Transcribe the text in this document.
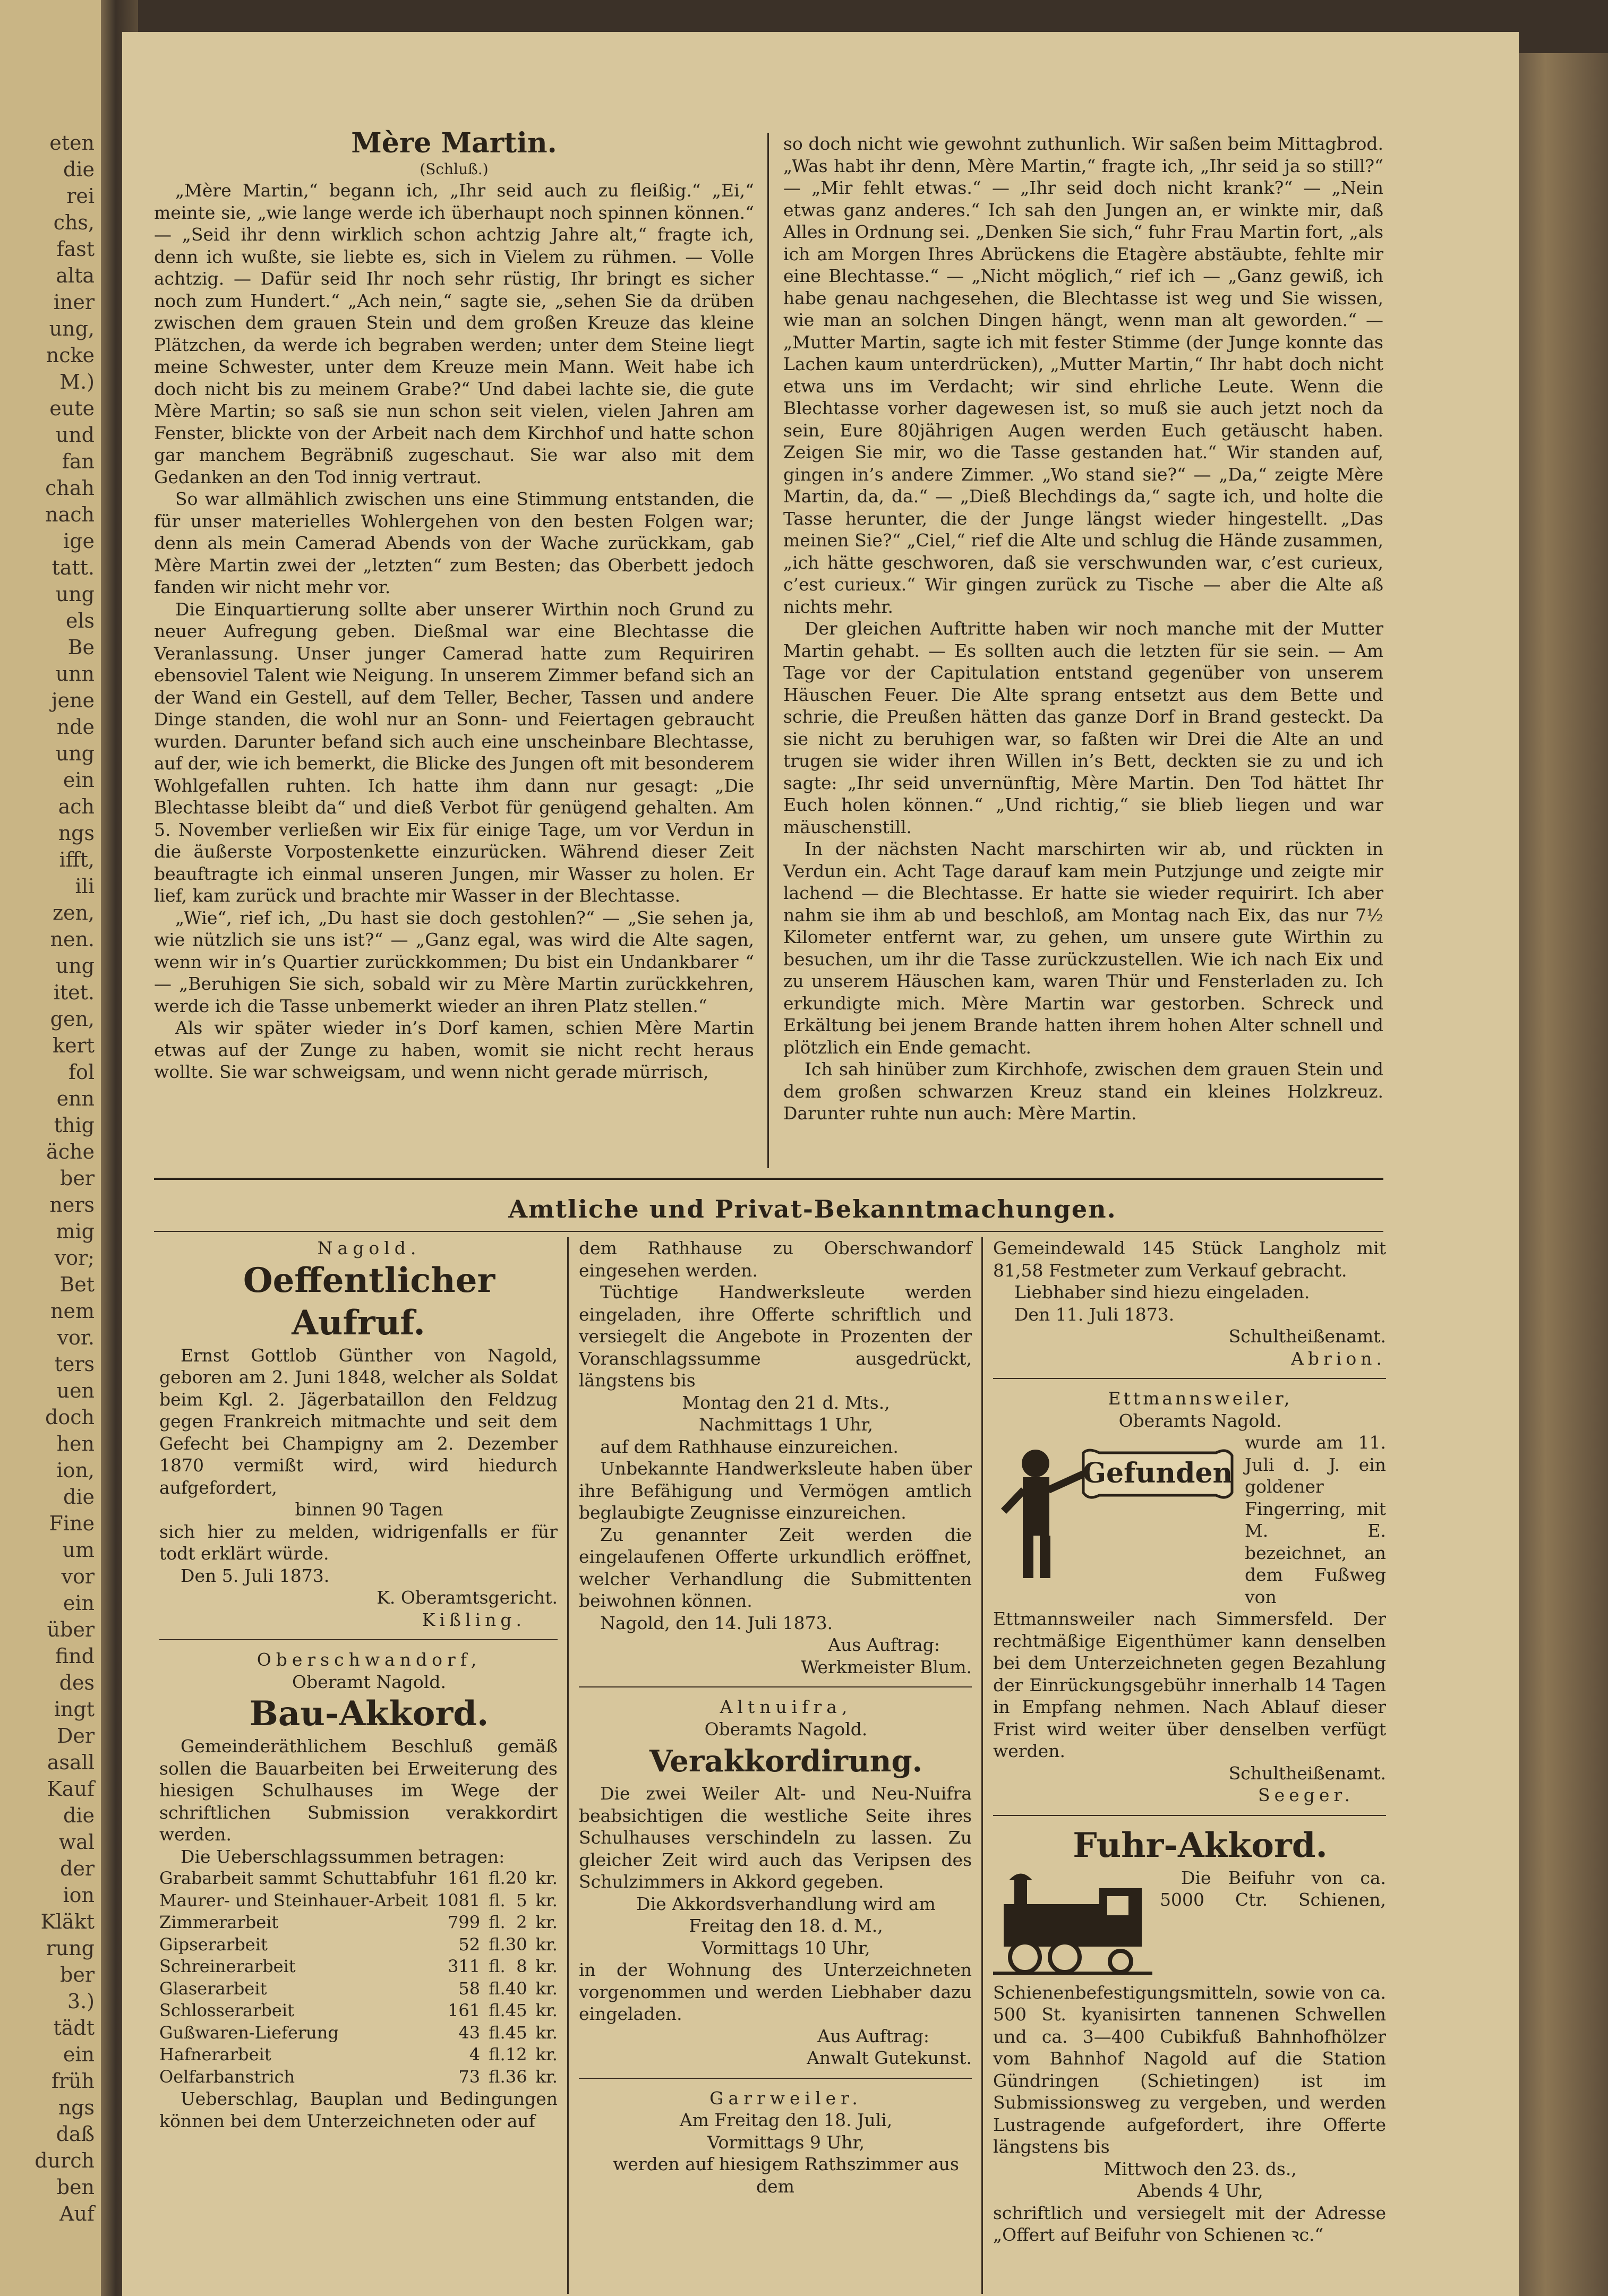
eten
die
rei
chs,
fast
alta
iner
ung,
ncke
M.)
eute
und
fan
chah
nach
ige
tatt.
ung
els
Be
unn
jene
nde
ung
ein
ach
ngs
ifft,
ili
zen,
nen.
ung
itet.
gen,
kert
fol
enn
thig
äche
ber
ners
mig
vor;
Bet
nem
vor.
ters
uen
doch
hen
ion,
die
Fine
um
vor
ein
über
find
des
ingt
Der
asall
Kauf
die
wal
der
ion
Kläkt
rung
ber
3.)
tädt
ein
früh
ngs
daß
durch
ben
Auf

Mère Martin.

(Schluß.)

„Mère Martin,“ begann ich, „Ihr seid auch zu fleißig.“ „Ei,“ meinte sie, „wie lange werde ich überhaupt noch spinnen können.“ — „Seid ihr denn wirklich schon achtzig Jahre alt,“ fragte ich, denn ich wußte, sie liebte es, sich in Vielem zu rühmen. — Volle achtzig. — Dafür seid Ihr noch sehr rüstig, Ihr bringt es sicher noch zum Hundert.“ „Ach nein,“ sagte sie, „sehen Sie da drüben zwischen dem grauen Stein und dem großen Kreuze das kleine Plätzchen, da werde ich begraben werden; unter dem Steine liegt meine Schwester, unter dem Kreuze mein Mann. Weit habe ich doch nicht bis zu meinem Grabe?“ Und dabei lachte sie, die gute Mère Martin; so saß sie nun schon seit vielen, vielen Jahren am Fenster, blickte von der Arbeit nach dem Kirchhof und hatte schon gar manchem Begräbniß zugeschaut. Sie war also mit dem Gedanken an den Tod innig vertraut.

So war allmählich zwischen uns eine Stimmung entstanden, die für unser materielles Wohlergehen von den besten Folgen war; denn als mein Camerad Abends von der Wache zurückkam, gab Mère Martin zwei der „letzten“ zum Besten; das Oberbett jedoch fanden wir nicht mehr vor.

Die Einquartierung sollte aber unserer Wirthin noch Grund zu neuer Aufregung geben. Dießmal war eine Blechtasse die Veranlassung. Unser junger Camerad hatte zum Requiriren ebensoviel Talent wie Neigung. In unserem Zimmer befand sich an der Wand ein Gestell, auf dem Teller, Becher, Tassen und andere Dinge standen, die wohl nur an Sonn- und Feiertagen gebraucht wurden. Darunter befand sich auch eine unscheinbare Blechtasse, auf der, wie ich bemerkt, die Blicke des Jungen oft mit besonderem Wohlgefallen ruhten. Ich hatte ihm dann nur gesagt: „Die Blechtasse bleibt da“ und dieß Verbot für genügend gehalten. Am 5. November verließen wir Eix für einige Tage, um vor Verdun in die äußerste Vorpostenkette einzurücken. Während dieser Zeit beauftragte ich einmal unseren Jungen, mir Wasser zu holen. Er lief, kam zurück und brachte mir Wasser in der Blechtasse.

„Wie“, rief ich, „Du hast sie doch gestohlen?“ — „Sie sehen ja, wie nützlich sie uns ist?“ — „Ganz egal, was wird die Alte sagen, wenn wir in’s Quartier zurückkommen; Du bist ein Undankbarer “ — „Beruhigen Sie sich, sobald wir zu Mère Martin zurückkehren, werde ich die Tasse unbemerkt wieder an ihren Platz stellen.“

Als wir später wieder in’s Dorf kamen, schien Mère Martin etwas auf der Zunge zu haben, womit sie nicht recht heraus wollte. Sie war schweigsam, und wenn nicht gerade mürrisch,

so doch nicht wie gewohnt zuthunlich. Wir saßen beim Mittagbrod. „Was habt ihr denn, Mère Martin,“ fragte ich, „Ihr seid ja so still?“ — „Mir fehlt etwas.“ — „Ihr seid doch nicht krank?“ — „Nein etwas ganz anderes.“ Ich sah den Jungen an, er winkte mir, daß Alles in Ordnung sei. „Denken Sie sich,“ fuhr Frau Martin fort, „als ich am Morgen Ihres Abrückens die Etagère abstäubte, fehlte mir eine Blechtasse.“ — „Nicht möglich,“ rief ich — „Ganz gewiß, ich habe genau nachgesehen, die Blechtasse ist weg und Sie wissen, wie man an solchen Dingen hängt, wenn man alt geworden.“ — „Mutter Martin, sagte ich mit fester Stimme (der Junge konnte das Lachen kaum unterdrücken), „Mutter Martin,“ Ihr habt doch nicht etwa uns im Verdacht; wir sind ehrliche Leute. Wenn die Blechtasse vorher dagewesen ist, so muß sie auch jetzt noch da sein, Eure 80jährigen Augen werden Euch getäuscht haben. Zeigen Sie mir, wo die Tasse gestanden hat.“ Wir standen auf, gingen in’s andere Zimmer. „Wo stand sie?“ — „Da,“ zeigte Mère Martin, da, da.“ — „Dieß Blechdings da,“ sagte ich, und holte die Tasse herunter, die der Junge längst wieder hingestellt. „Das meinen Sie?“ „Ciel,“ rief die Alte und schlug die Hände zusammen, „ich hätte geschworen, daß sie verschwunden war, c’est curieux, c’est curieux.“ Wir gingen zurück zu Tische — aber die Alte aß nichts mehr.

Der gleichen Auftritte haben wir noch manche mit der Mutter Martin gehabt. — Es sollten auch die letzten für sie sein. — Am Tage vor der Capitulation entstand gegenüber von unserem Häuschen Feuer. Die Alte sprang entsetzt aus dem Bette und schrie, die Preußen hätten das ganze Dorf in Brand gesteckt. Da sie nicht zu beruhigen war, so faßten wir Drei die Alte an und trugen sie wider ihren Willen in’s Bett, deckten sie zu und ich sagte: „Ihr seid unvernünftig, Mère Martin. Den Tod hättet Ihr Euch holen können.“ „Und richtig,“ sie blieb liegen und war mäuschenstill.

In der nächsten Nacht marschirten wir ab, und rückten in Verdun ein. Acht Tage darauf kam mein Putzjunge und zeigte mir lachend — die Blechtasse. Er hatte sie wieder requirirt. Ich aber nahm sie ihm ab und beschloß, am Montag nach Eix, das nur 7½ Kilometer entfernt war, zu gehen, um unsere gute Wirthin zu besuchen, um ihr die Tasse zurückzustellen. Wie ich nach Eix und zu unserem Häuschen kam, waren Thür und Fensterladen zu. Ich erkundigte mich. Mère Martin war gestorben. Schreck und Erkältung bei jenem Brande hatten ihrem hohen Alter schnell und plötzlich ein Ende gemacht.

Ich sah hinüber zum Kirchhofe, zwischen dem grauen Stein und dem großen schwarzen Kreuz stand ein kleines Holzkreuz. Darunter ruhte nun auch: Mère Martin.

Amtliche und Privat-Bekanntmachungen.

Nagold.

Oeffentlicher Aufruf.

Ernst Gottlob Günther von Nagold, geboren am 2. Juni 1848, welcher als Soldat beim Kgl. 2. Jägerbataillon den Feldzug gegen Frankreich mitmachte und seit dem Gefecht bei Champigny am 2. Dezember 1870 vermißt wird, wird hiedurch aufgefordert,

binnen 90 Tagen

sich hier zu melden, widrigenfalls er für todt erklärt würde.

Den 5. Juli 1873.

K. Oberamtsgericht.

Kißling.

Oberschwandorf,

Oberamt Nagold.

Bau-Akkord.

Gemeinderäthlichem Beschluß gemäß sollen die Bauarbeiten bei Erweiterung des hiesigen Schulhauses im Wege der schriftlichen Submission verakkordirt werden.

Die Ueberschlagssummen betragen:

Grabarbeit sammt Schuttabfuhr	161	fl.	20	kr.
Maurer- und Steinhauer-Arbeit	1081	fl.	5	kr.
Zimmerarbeit	799	fl.	2	kr.
Gipserarbeit	52	fl.	30	kr.
Schreinerarbeit	311	fl.	8	kr.
Glaserarbeit	58	fl.	40	kr.
Schlosserarbeit	161	fl.	45	kr.
Gußwaren-Lieferung	43	fl.	45	kr.
Hafnerarbeit	4	fl.	12	kr.
Oelfarbanstrich	73	fl.	36	kr.

Ueberschlag, Bauplan und Bedingungen können bei dem Unterzeichneten oder auf

dem Rathhause zu Oberschwandorf eingesehen werden.

Tüchtige Handwerksleute werden eingeladen, ihre Offerte schriftlich und versiegelt die Angebote in Prozenten der Voranschlagssumme ausgedrückt, längstens bis

Montag den 21 d. Mts.,

Nachmittags 1 Uhr,

auf dem Rathhause einzureichen.

Unbekannte Handwerksleute haben über ihre Befähigung und Vermögen amtlich beglaubigte Zeugnisse einzureichen.

Zu genannter Zeit werden die eingelaufenen Offerte urkundlich eröffnet, welcher Verhandlung die Submittenten beiwohnen können.

Nagold, den 14. Juli 1873.

Aus Auftrag:

Werkmeister Blum.

Altnuifra,

Oberamts Nagold.

Verakkordirung.

Die zwei Weiler Alt- und Neu-Nuifra beabsichtigen die westliche Seite ihres Schulhauses verschindeln zu lassen. Zu gleicher Zeit wird auch das Veripsen des Schulzimmers in Akkord gegeben.

Die Akkordsverhandlung wird am

Freitag den 18. d. M.,

Vormittags 10 Uhr,

in der Wohnung des Unterzeichneten vorgenommen und werden Liebhaber dazu eingeladen.

Aus Auftrag:

Anwalt Gutekunst.

Garrweiler.

Am Freitag den 18. Juli,

Vormittags 9 Uhr,

werden auf hiesigem Rathszimmer aus dem

Gemeindewald 145 Stück Langholz mit 81,58 Festmeter zum Verkauf gebracht.

Liebhaber sind hiezu eingeladen.

Den 11. Juli 1873.

Schultheißenamt.

Abrion.

Ettmannsweiler,

Oberamts Nagold.

Gefunden

wurde am 11. Juli d. J. ein goldener Fingerring, mit M. E. bezeichnet, an dem Fußweg von Ettmannsweiler nach Simmersfeld. Der rechtmäßige Eigenthümer kann denselben bei dem Unterzeichneten gegen Bezahlung der Einrückungsgebühr innerhalb 14 Tagen in Empfang nehmen. Nach Ablauf dieser Frist wird weiter über denselben verfügt werden.

Schultheißenamt.

Seeger.

Fuhr-Akkord.

Die Beifuhr von ca. 5000 Ctr. Schienen, Schienenbefestigungsmitteln, sowie von ca. 500 St. kyanisirten tannenen Schwellen und ca. 3—400 Cubikfuß Bahnhofhölzer vom Bahnhof Nagold auf die Station Gündringen (Schietingen) ist im Submissionsweg zu vergeben, und werden Lustragende aufgefordert, ihre Offerte längstens bis

Mittwoch den 23. ds.,

Abends 4 Uhr,

schriftlich und versiegelt mit der Adresse „Offert auf Beifuhr von Schienen ꝛc.“
